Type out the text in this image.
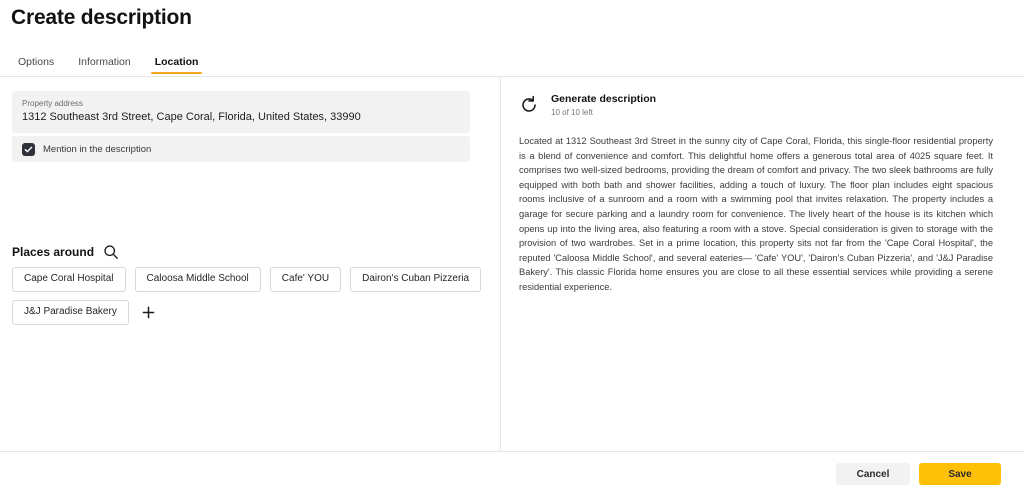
Create description
Options	Information	Location
Property address
1312 Southeast 3rd Street, Cape Coral, Florida, United States, 33990
Mention in the description
Places around
Cape Coral Hospital	Caloosa Middle School	Cafe' YOU	Dairon's Cuban Pizzeria
J&J Paradise Bakery
Generate description
10 of 10 left
Located at 1312 Southeast 3rd Street in the sunny city of Cape Coral, Florida, this single-floor residential property is a blend of convenience and comfort. This delightful home offers a generous total area of 4025 square feet. It comprises two well-sized bedrooms, providing the dream of comfort and privacy. The two sleek bathrooms are fully equipped with both bath and shower facilities, adding a touch of luxury. The floor plan includes eight spacious rooms inclusive of a sunroom and a room with a swimming pool that invites relaxation. The property includes a garage for secure parking and a laundry room for convenience. The lively heart of the house is its kitchen which opens up into the living area, also featuring a room with a stove. Special consideration is given to storage with the provision of two wardrobes. Set in a prime location, this property sits not far from the 'Cape Coral Hospital', the reputed 'Caloosa Middle School', and several eateries— 'Cafe' YOU', 'Dairon's Cuban Pizzeria', and 'J&J Paradise Bakery'. This classic Florida home ensures you are close to all these essential services while providing a serene residential experience.
Cancel	Save
